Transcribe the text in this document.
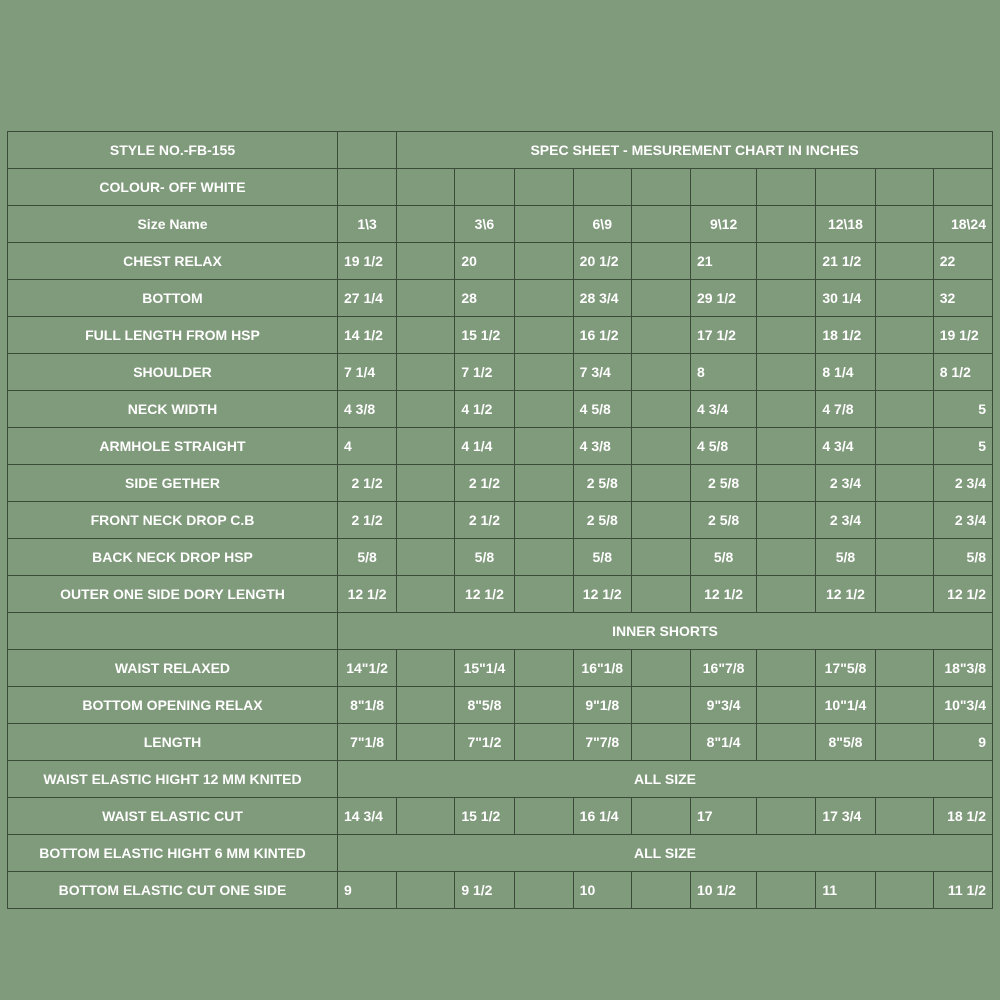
STYLE NO.-FB-155		SPEC SHEET - MESUREMENT CHART IN INCHES									
COLOUR- OFF WHITE											
Size Name	1\3		3\6		6\9		9\12		12\18		18\24
CHEST RELAX	19 1/2		20		20 1/2		21		21 1/2		22
BOTTOM	27 1/4		28		28 3/4		29 1/2		30 1/4		32
FULL LENGTH FROM HSP	14 1/2		15 1/2		16 1/2		17 1/2		18 1/2		19 1/2
SHOULDER	7 1/4		7 1/2		7 3/4		8		8 1/4		8 1/2
NECK WIDTH	4 3/8		4 1/2		4 5/8		4 3/4		4 7/8		5
ARMHOLE STRAIGHT	4		4 1/4		4 3/8		4 5/8		4 3/4		5
SIDE GETHER	2 1/2		2 1/2		2 5/8		2 5/8		2 3/4		2 3/4
FRONT NECK DROP C.B	2 1/2		2 1/2		2 5/8		2 5/8		2 3/4		2 3/4
BACK NECK DROP HSP	5/8		5/8		5/8		5/8		5/8		5/8
OUTER ONE SIDE DORY LENGTH	12 1/2		12 1/2		12 1/2		12 1/2		12 1/2		12 1/2
	INNER SHORTS										
WAIST RELAXED	14"1/2		15"1/4		16"1/8		16"7/8		17"5/8		18"3/8
BOTTOM OPENING RELAX	8"1/8		8"5/8		9"1/8		9"3/4		10"1/4		10"3/4
LENGTH	7"1/8		7"1/2		7"7/8		8"1/4		8"5/8		9
WAIST ELASTIC HIGHT 12 MM KNITED	ALL SIZE										
WAIST ELASTIC CUT	14 3/4		15 1/2		16 1/4		17		17 3/4		18 1/2
BOTTOM ELASTIC HIGHT 6 MM KINTED	ALL SIZE										
BOTTOM ELASTIC CUT ONE SIDE	9		9 1/2		10		10 1/2		11		11 1/2
